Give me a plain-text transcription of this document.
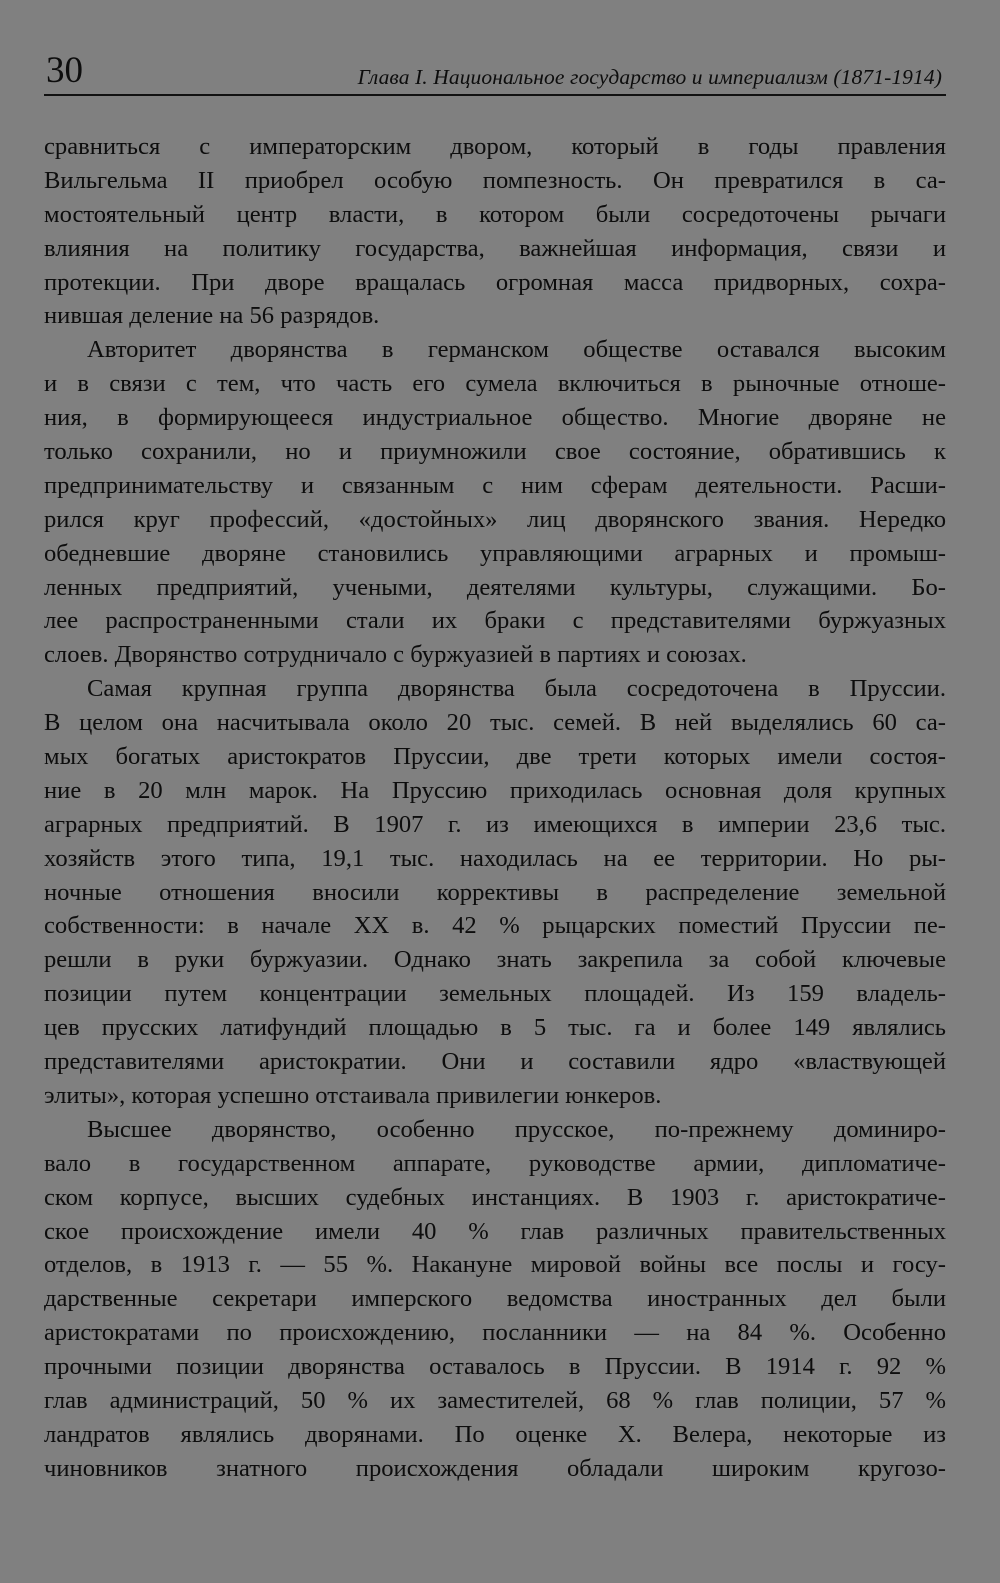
30	Глава I. Национальное государство и империализм (1871-1914)
сравниться с императорским двором, который в годы правления
Вильгельма II приобрел особую помпезность. Он превратился в са-
мостоятельный центр власти, в котором были сосредоточены рычаги
влияния на политику государства, важнейшая информация, связи и
протекции. При дворе вращалась огромная масса придворных, сохра-
нившая деление на 56 разрядов.
Авторитет дворянства в германском обществе оставался высоким
и в связи с тем, что часть его сумела включиться в рыночные отноше-
ния, в формирующееся индустриальное общество. Многие дворяне не
только сохранили, но и приумножили свое состояние, обратившись к
предпринимательству и связанным с ним сферам деятельности. Расши-
рился круг профессий, «достойных» лиц дворянского звания. Нередко
обедневшие дворяне становились управляющими аграрных и промыш-
ленных предприятий, учеными, деятелями культуры, служащими. Бо-
лее распространенными стали их браки с представителями буржуазных
слоев. Дворянство сотрудничало с буржуазией в партиях и союзах.
Самая крупная группа дворянства была сосредоточена в Пруссии.
В целом она насчитывала около 20 тыс. семей. В ней выделялись 60 са-
мых богатых аристократов Пруссии, две трети которых имели состоя-
ние в 20 млн марок. На Пруссию приходилась основная доля крупных
аграрных предприятий. В 1907 г. из имеющихся в империи 23,6 тыс.
хозяйств этого типа, 19,1 тыс. находилась на ее территории. Но ры-
ночные отношения вносили коррективы в распределение земельной
собственности: в начале XX в. 42 % рыцарских поместий Пруссии пе-
решли в руки буржуазии. Однако знать закрепила за собой ключевые
позиции путем концентрации земельных площадей. Из 159 владель-
цев прусских латифундий площадью в 5 тыс. га и более 149 являлись
представителями аристократии. Они и составили ядро «властвующей
элиты», которая успешно отстаивала привилегии юнкеров.
Высшее дворянство, особенно прусское, по-прежнему доминиро-
вало в государственном аппарате, руководстве армии, дипломатиче-
ском корпусе, высших судебных инстанциях. В 1903 г. аристократиче-
ское происхождение имели 40 % глав различных правительственных
отделов, в 1913 г. — 55 %. Накануне мировой войны все послы и госу-
дарственные секретари имперского ведомства иностранных дел были
аристократами по происхождению, посланники — на 84 %. Особенно
прочными позиции дворянства оставалось в Пруссии. В 1914 г. 92 %
глав администраций, 50 % их заместителей, 68 % глав полиции, 57 %
ландратов являлись дворянами. По оценке Х. Велера, некоторые из
чиновников знатного происхождения обладали широким кругозо-
